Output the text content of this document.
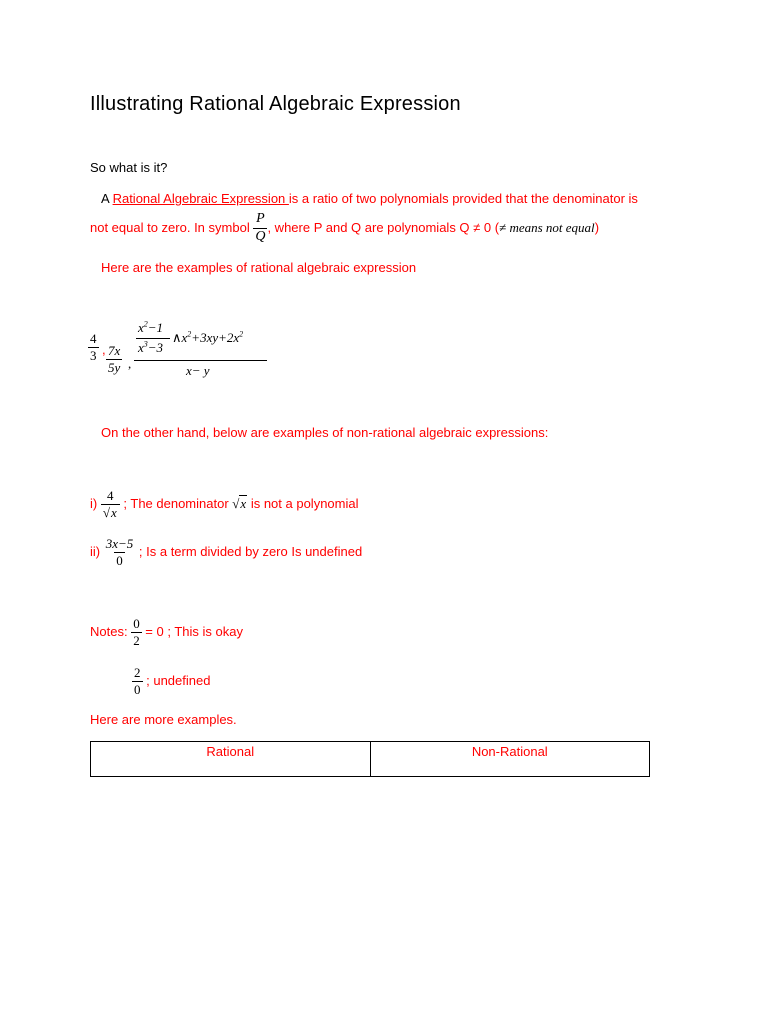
Illustrating Rational Algebraic Expression
So what is it?
A Rational Algebraic Expression is a ratio of two polynomials provided that the denominator is
not equal to zero. In symbol $\frac{P}{Q}$ , where P and Q are polynomials Q ≠ 0 (≠ means not equal)
Here are the examples of rational algebraic expression
$\frac{4}{3}$ , $\frac{7x}{5y}$ ,
$x^2-1$
$x^3-3$
$\wedge x^2+3xy+2x^2$
x− y
On the other hand, below are examples of non-rational algebraic expressions:
$i) \frac{4}{√x}$ ; The denominator √x is not a polynomial
$ii) \frac{3x-5}{0}$ ; Is a term divided by zero Is undefined
Notes: $\frac{0}{2} = 0$ ; This is okay
$\frac{2}{0}$ ; undefined
Here are more examples.
Rational	Non-Rational
